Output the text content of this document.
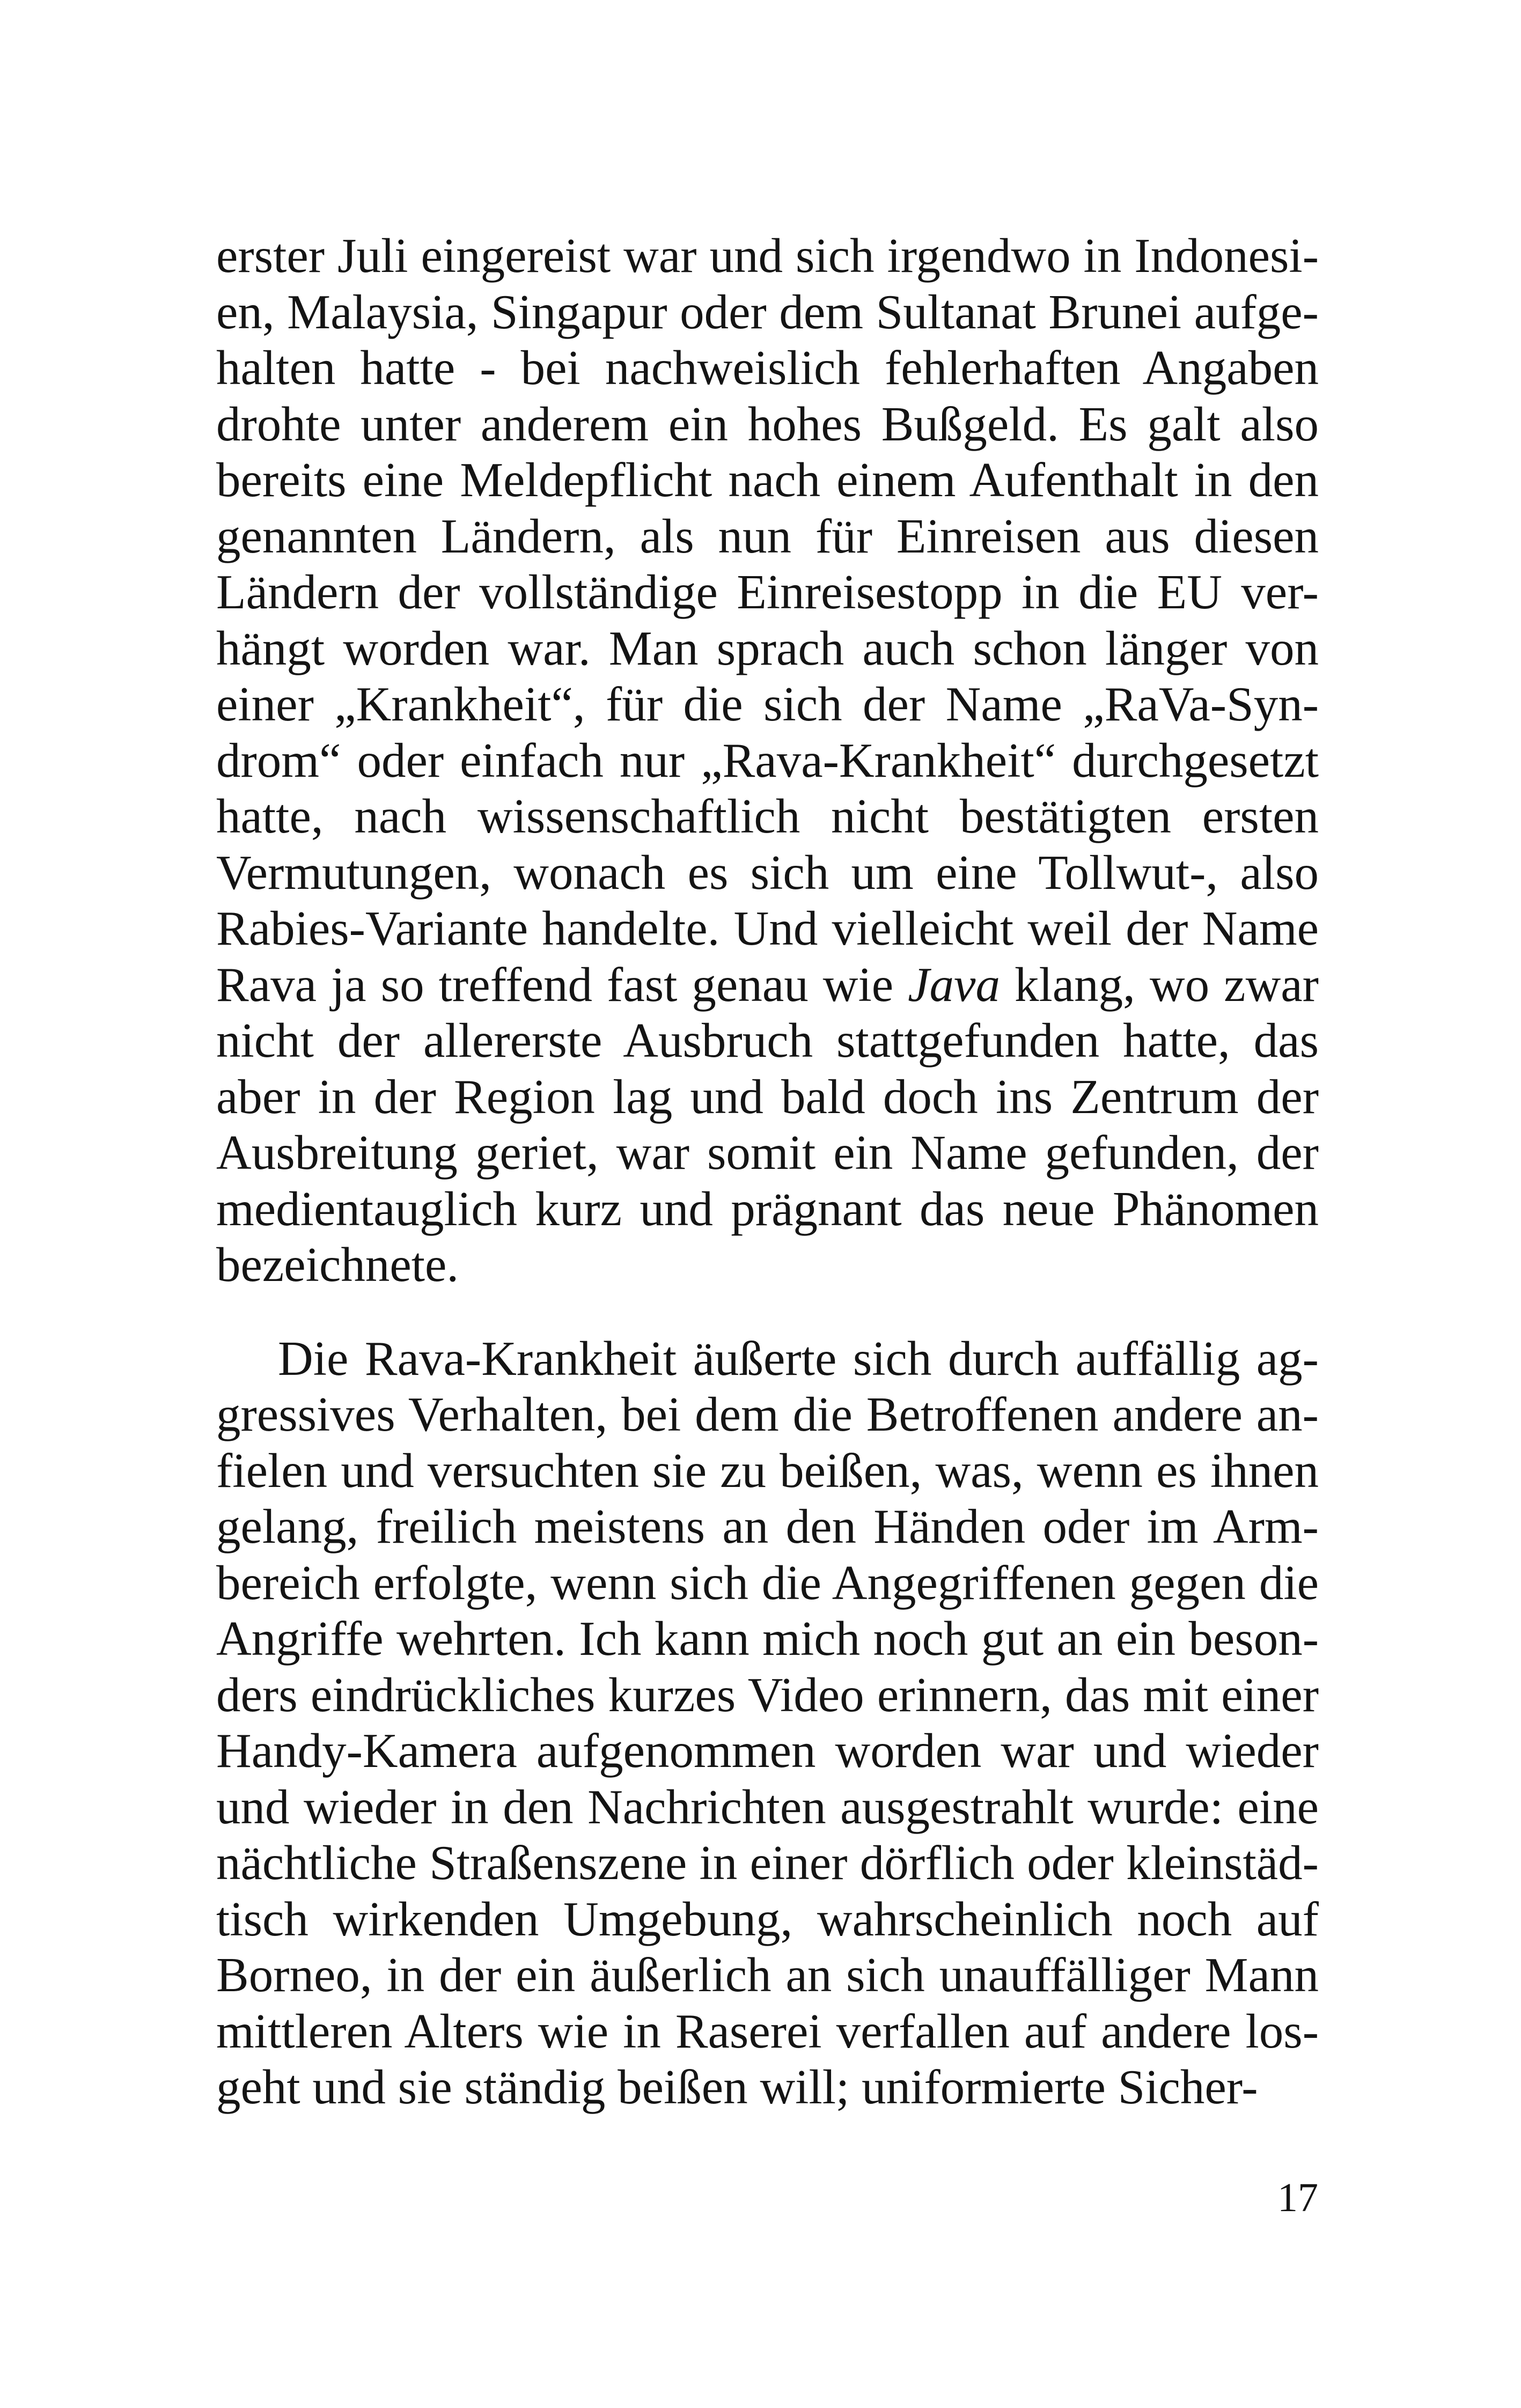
erster Juli eingereist war und sich irgendwo in Indonesi-
en, Malaysia, Singapur oder dem Sultanat Brunei aufge-
halten hatte - bei nachweislich fehlerhaften Angaben
drohte unter anderem ein hohes Bußgeld. Es galt also
bereits eine Meldepflicht nach einem Aufenthalt in den
genannten Ländern, als nun für Einreisen aus diesen
Ländern der vollständige Einreisestopp in die EU ver-
hängt worden war. Man sprach auch schon länger von
einer „Krankheit“, für die sich der Name „RaVa-Syn-
drom“ oder einfach nur „Rava-Krankheit“ durchgesetzt
hatte, nach wissenschaftlich nicht bestätigten ersten
Vermutungen, wonach es sich um eine Tollwut-, also
Rabies-Variante handelte. Und vielleicht weil der Name
Rava ja so treffend fast genau wie Java klang, wo zwar
nicht der allererste Ausbruch stattgefunden hatte, das
aber in der Region lag und bald doch ins Zentrum der
Ausbreitung geriet, war somit ein Name gefunden, der
medientauglich kurz und prägnant das neue Phänomen
bezeichnete.
Die Rava-Krankheit äußerte sich durch auffällig ag-
gressives Verhalten, bei dem die Betroffenen andere an-
fielen und versuchten sie zu beißen, was, wenn es ihnen
gelang, freilich meistens an den Händen oder im Arm-
bereich erfolgte, wenn sich die Angegriffenen gegen die
Angriffe wehrten. Ich kann mich noch gut an ein beson-
ders eindrückliches kurzes Video erinnern, das mit einer
Handy-Kamera aufgenommen worden war und wieder
und wieder in den Nachrichten ausgestrahlt wurde: eine
nächtliche Straßenszene in einer dörflich oder kleinstäd-
tisch wirkenden Umgebung, wahrscheinlich noch auf
Borneo, in der ein äußerlich an sich unauffälliger Mann
mittleren Alters wie in Raserei verfallen auf andere los-
geht und sie ständig beißen will; uniformierte Sicher-
17
